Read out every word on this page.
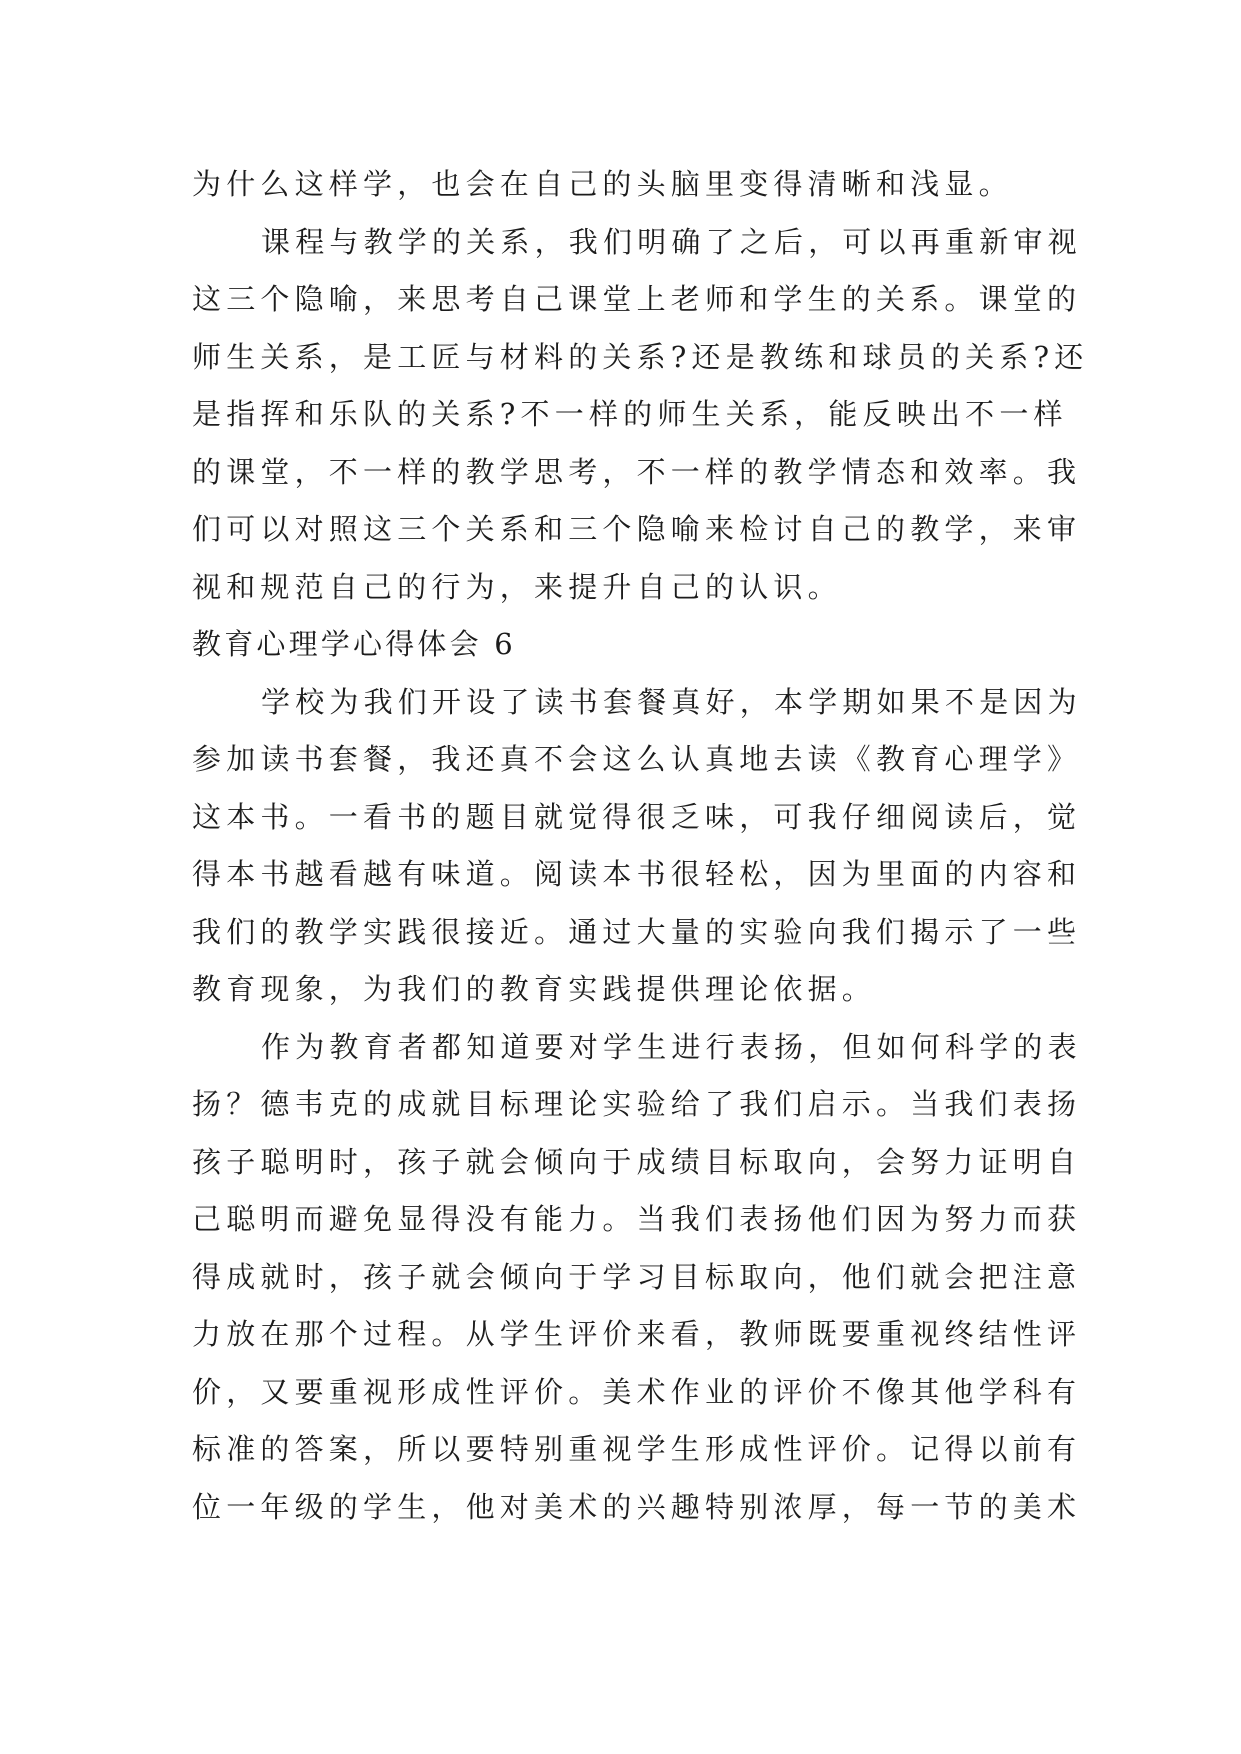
为什么这样学，也会在自己的头脑里变得清晰和浅显。
课程与教学的关系，我们明确了之后，可以再重新审视
这三个隐喻，来思考自己课堂上老师和学生的关系。课堂的
师生关系，是工匠与材料的关系?还是教练和球员的关系?还
是指挥和乐队的关系?不一样的师生关系，能反映出不一样
的课堂，不一样的教学思考，不一样的教学情态和效率。我
们可以对照这三个关系和三个隐喻来检讨自己的教学，来审
视和规范自己的行为，来提升自己的认识。
教育心理学心得体会 6
学校为我们开设了读书套餐真好，本学期如果不是因为
参加读书套餐，我还真不会这么认真地去读《教育心理学》
这本书。一看书的题目就觉得很乏味，可我仔细阅读后，觉
得本书越看越有味道。阅读本书很轻松，因为里面的内容和
我们的教学实践很接近。通过大量的实验向我们揭示了一些
教育现象，为我们的教育实践提供理论依据。
作为教育者都知道要对学生进行表扬，但如何科学的表
扬？德韦克的成就目标理论实验给了我们启示。当我们表扬
孩子聪明时，孩子就会倾向于成绩目标取向，会努力证明自
己聪明而避免显得没有能力。当我们表扬他们因为努力而获
得成就时，孩子就会倾向于学习目标取向，他们就会把注意
力放在那个过程。从学生评价来看，教师既要重视终结性评
价，又要重视形成性评价。美术作业的评价不像其他学科有
标准的答案，所以要特别重视学生形成性评价。记得以前有
位一年级的学生，他对美术的兴趣特别浓厚，每一节的美术
